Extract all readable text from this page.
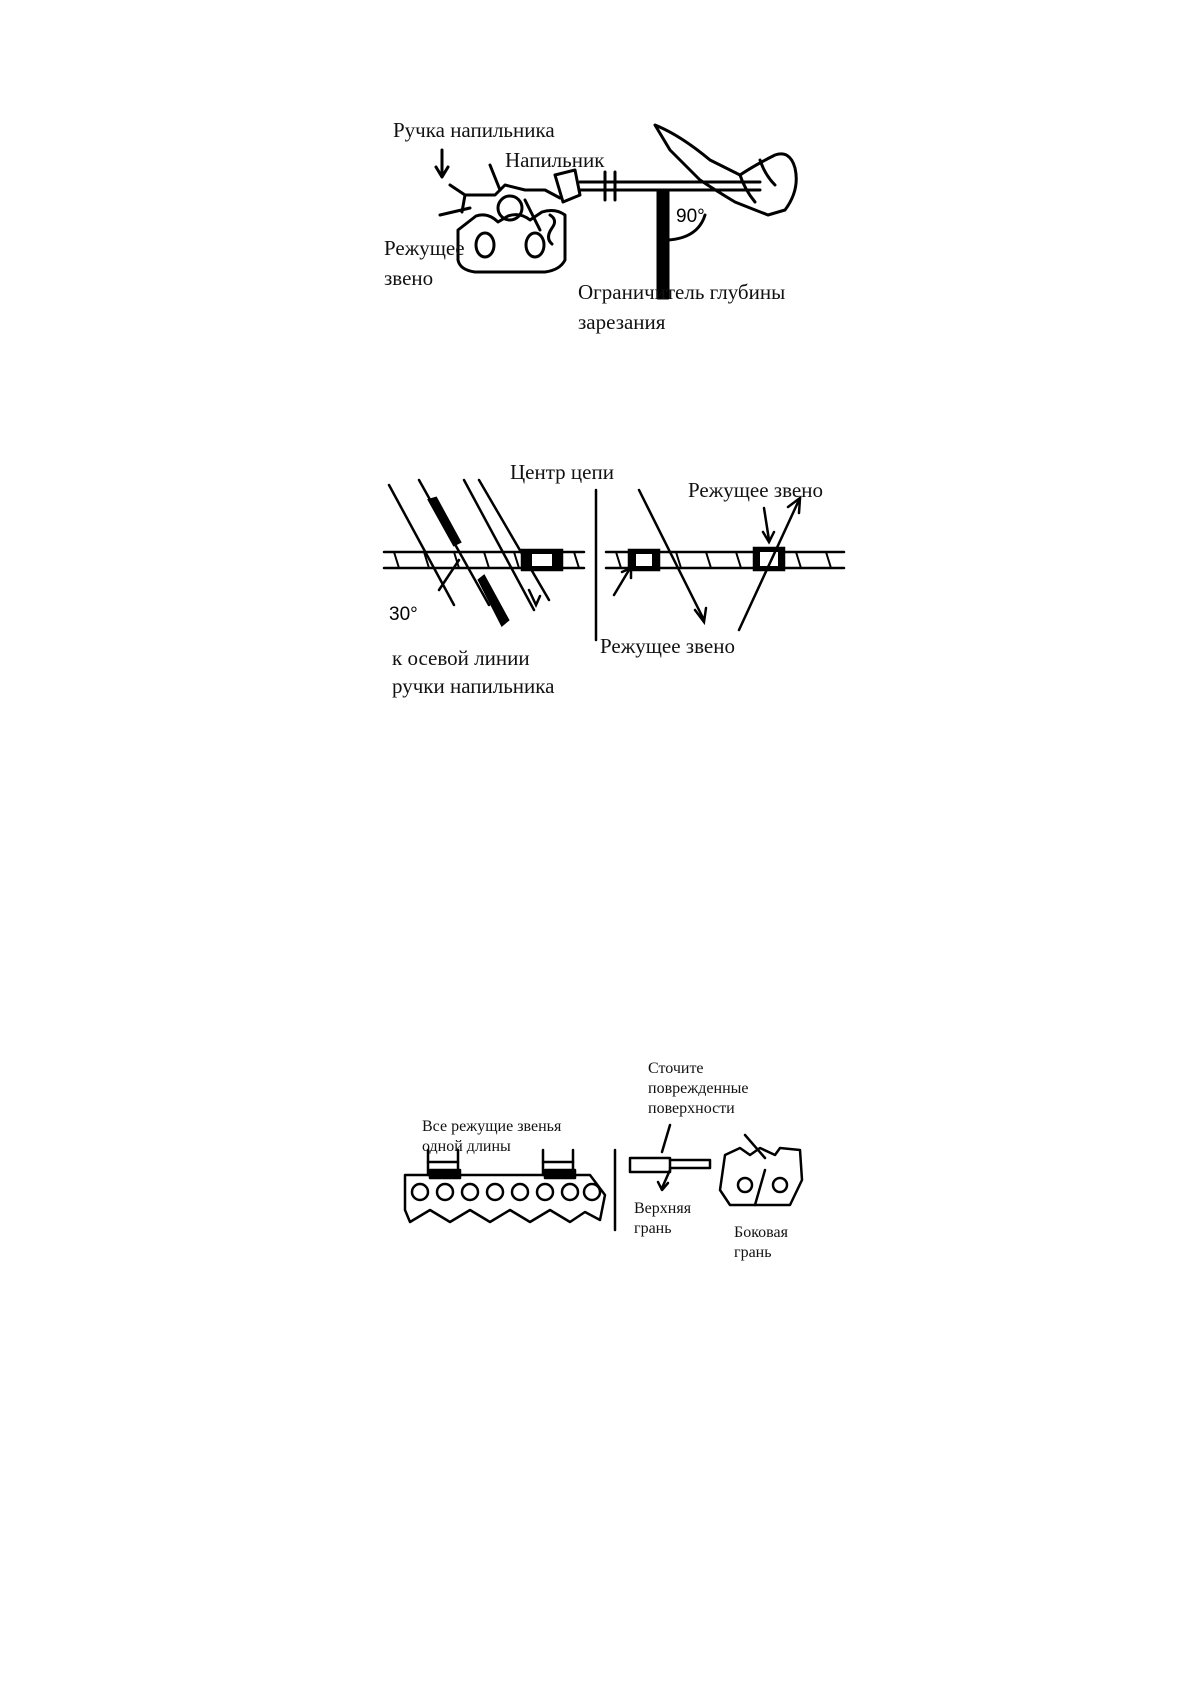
90°
Ручка напильника
Напильник
Режущее
звено
Ограничитель глубины
зарезания
30°
Центр цепи
Режущее звено
Режущее звено
к осевой линии
ручки напильника
Все режущие звенья
одной длины
Сточите
поврежденные
поверхности
Верхняя
грань	Боковая
грань
